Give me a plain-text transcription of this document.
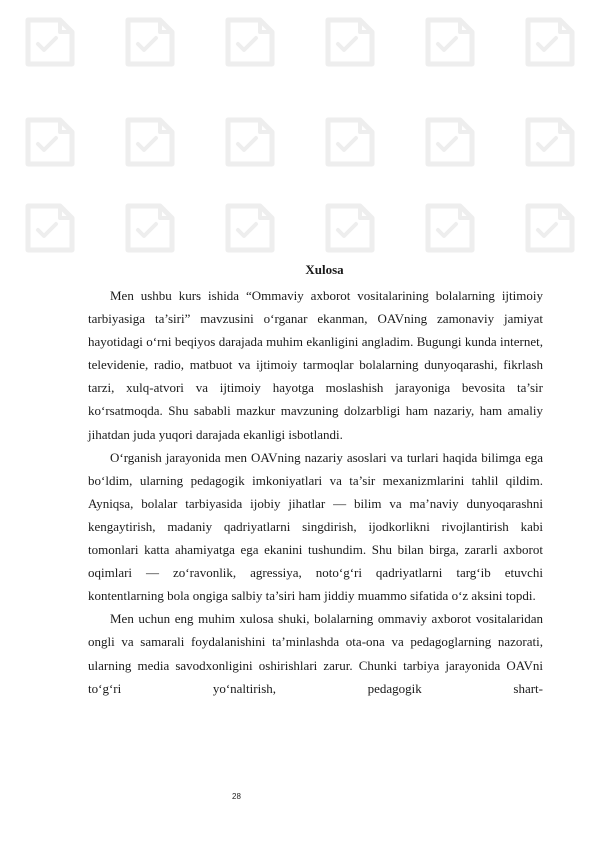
Xulosa

Men ushbu kurs ishida “Ommaviy axborot vositalarining bolalarning ijtimoiy tarbiyasiga ta’siri” mavzusini o‘rganar ekanman, OAVning zamonaviy jamiyat hayotidagi o‘rni beqiyos darajada muhim ekanligini angladim. Bugungi kunda internet, televidenie, radio, matbuot va ijtimoiy tarmoqlar bolalarning dunyoqarashi, fikrlash tarzi, xulq-atvori va ijtimoiy hayotga moslashish jarayoniga bevosita ta’sir ko‘rsatmoqda. Shu sababli mazkur mavzuning dolzarbligi ham nazariy, ham amaliy jihatdan juda yuqori darajada ekanligi isbotlandi.

O‘rganish jarayonida men OAVning nazariy asoslari va turlari haqida bilimga ega bo‘ldim, ularning pedagogik imkoniyatlari va ta’sir mexanizmlarini tahlil qildim. Ayniqsa, bolalar tarbiyasida ijobiy jihatlar — bilim va ma’naviy dunyoqarashni kengaytirish, madaniy qadriyatlarni singdirish, ijodkorlikni rivojlantirish kabi tomonlari katta ahamiyatga ega ekanini tushundim. Shu bilan birga, zararli axborot oqimlari — zo‘ravonlik, agressiya, noto‘g‘ri qadriyatlarni targ‘ib etuvchi kontentlarning bola ongiga salbiy ta’siri ham jiddiy muammo sifatida o‘z aksini topdi.

Men uchun eng muhim xulosa shuki, bolalarning ommaviy axborot vositalaridan ongli va samarali foydalanishini ta’minlashda ota-ona va pedagoglarning nazorati, ularning media savodxonligini oshirishlari zarur. Chunki tarbiya jarayonida OAVni to‘g‘ri yo‘naltirish, pedagogik shart-

28
